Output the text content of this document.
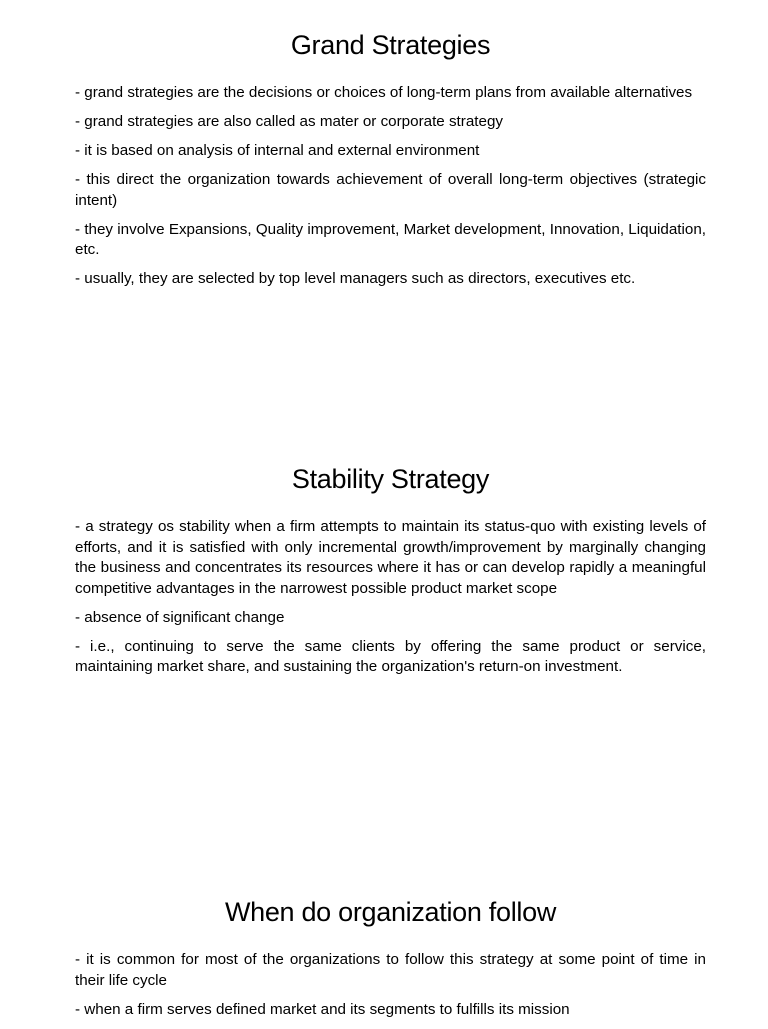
Grand Strategies

- grand strategies are the decisions or choices of long-term plans from available alternatives

- grand strategies are also called as mater or corporate strategy

- it is based on analysis of internal and external environment

- this direct the organization towards achievement of overall long-term objectives (strategic intent)

- they involve Expansions, Quality improvement, Market development, Innovation, Liquidation, etc.

- usually, they are selected by top level managers such as directors, executives etc.

Stability Strategy

- a strategy os stability when a firm attempts to maintain its status-quo with existing levels of efforts, and it is satisfied with only incremental growth/improvement by marginally changing the business and concentrates its resources where it has or can develop rapidly a meaningful competitive advantages in the narrowest possible product market scope

- absence of significant change

- i.e., continuing to serve the same clients by offering the same product or service, maintaining market share, and sustaining the organization's return-on investment.

When do organization follow

- it is common for most of the organizations to follow this strategy at some point of time in their life cycle

- when a firm serves defined market and its segments to fulfills its mission
